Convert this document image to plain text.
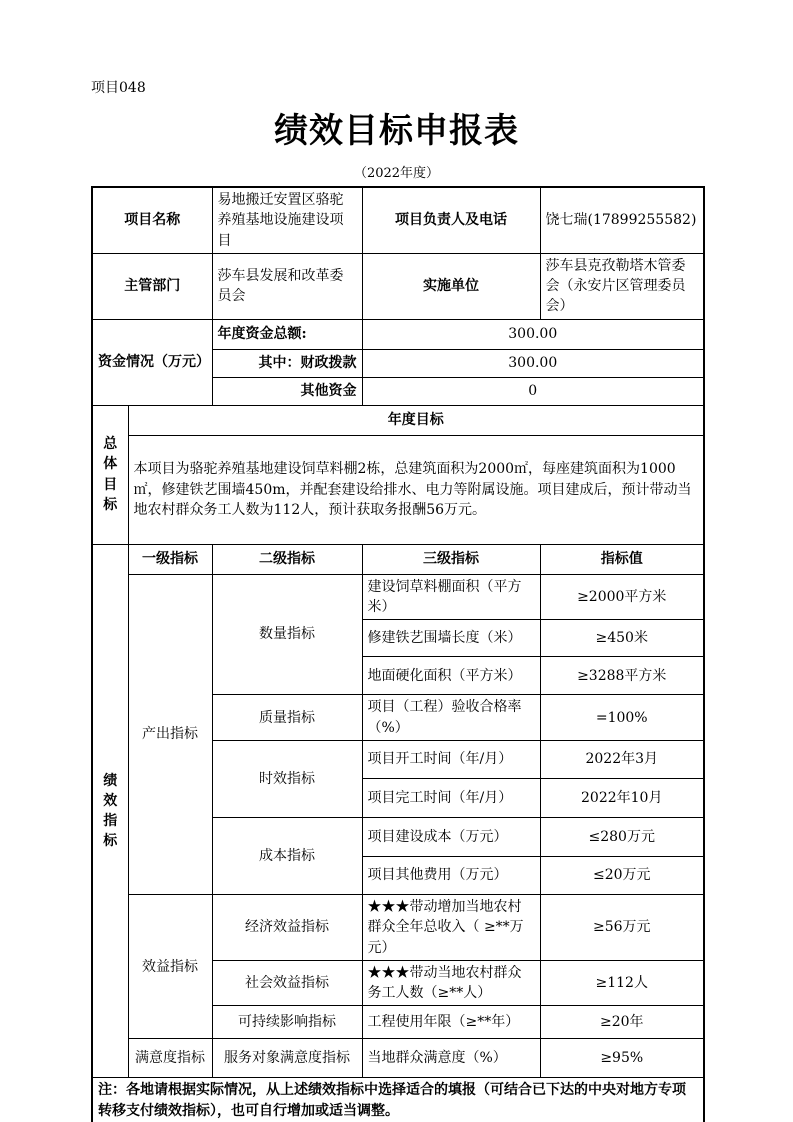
项目048
绩效目标申报表
（2022年度）
项目名称		易地搬迁安置区骆驼养殖基地设施建设项目	项目负责人及电话	饶七瑞(17899255582)
主管部门		莎车县发展和改革委员会	实施单位	莎车县克孜勒塔木管委会（永安片区管理委员会）
资金情况（万元）		年度资金总额:	300.00	
		其中：财政拨款	300.00	
		其他资金	0	

总体
目标	年度目标			
	本项目为骆驼养殖基地建设饲草料棚2栋，总建筑面积为2000㎡，每座建筑面积为1000㎡，修建铁艺围墙450m，并配套建设给排水、电力等附属设施。项目建成后，预计带动当地农村群众务工人数为112人，预计获取务报酬56万元。			

绩效
指标	一级指标	二级指标	三级指标	指标值
	产出指标	数量指标	建设饲草料棚面积（平方米）	≥2000平方米
			修建铁艺围墙长度（米）	≥450米
			地面硬化面积（平方米）	≥3288平方米
		质量指标	项目（工程）验收合格率（%）	=100%
		时效指标	项目开工时间（年/月）	2022年3月
			项目完工时间（年/月）	2022年10月
		成本指标	项目建设成本（万元）	≤280万元
			项目其他费用（万元）	≤20万元
	效益指标	经济效益指标	★★★带动增加当地农村群众全年总收入（ ≥**万元）	≥56万元
		社会效益指标	★★★带动当地农村群众务工人数（≥**人）	≥112人
		可持续影响指标	工程使用年限（≥**年）	≥20年
	满意度指标	服务对象满意度指标	当地群众满意度（%）	≥95%
注：各地请根据实际情况，从上述绩效指标中选择适合的填报（可结合已下达的中央对地方专项转移支付绩效指标），也可自行增加或适当调整。				
